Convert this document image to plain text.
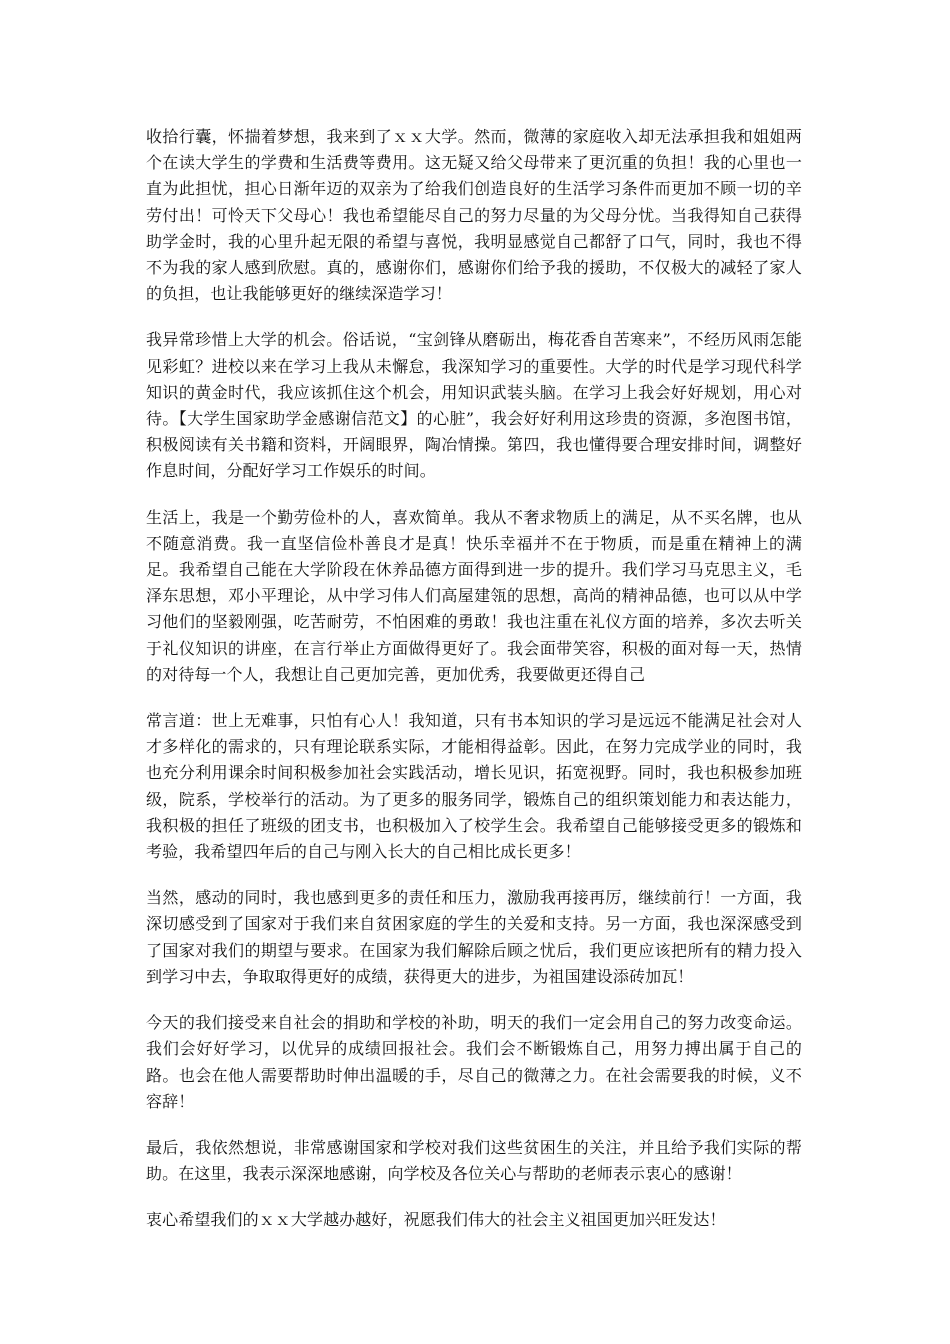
收拾行囊，怀揣着梦想，我来到了ｘｘ大学。然而，微薄的家庭收入却无法承担我和姐姐两个在读大学生的学费和生活费等费用。这无疑又给父母带来了更沉重的负担！我的心里也一直为此担忧，担心日渐年迈的双亲为了给我们创造良好的生活学习条件而更加不顾一切的辛劳付出！可怜天下父母心！我也希望能尽自己的努力尽量的为父母分忧。当我得知自己获得助学金时，我的心里升起无限的希望与喜悦，我明显感觉自己都舒了口气，同时，我也不得不为我的家人感到欣慰。真的，感谢你们，感谢你们给予我的援助，不仅极大的减轻了家人的负担，也让我能够更好的继续深造学习！

我异常珍惜上大学的机会。俗话说，“宝剑锋从磨砺出，梅花香自苦寒来”，不经历风雨怎能见彩虹？进校以来在学习上我从未懈怠，我深知学习的重要性。大学的时代是学习现代科学知识的黄金时代，我应该抓住这个机会，用知识武装头脑。在学习上我会好好规划，用心对待。【大学生国家助学金感谢信范文】的心脏”，我会好好利用这珍贵的资源，多泡图书馆，积极阅读有关书籍和资料，开阔眼界，陶冶情操。第四，我也懂得要合理安排时间，调整好作息时间，分配好学习工作娱乐的时间。

生活上，我是一个勤劳俭朴的人，喜欢简单。我从不奢求物质上的满足，从不买名牌，也从不随意消费。我一直坚信俭朴善良才是真！快乐幸福并不在于物质，而是重在精神上的满足。我希望自己能在大学阶段在休养品德方面得到进一步的提升。我们学习马克思主义，毛泽东思想，邓小平理论，从中学习伟人们高屋建瓴的思想，高尚的精神品德，也可以从中学习他们的坚毅刚强，吃苦耐劳，不怕困难的勇敢！我也注重在礼仪方面的培养，多次去听关于礼仪知识的讲座，在言行举止方面做得更好了。我会面带笑容，积极的面对每一天，热情的对待每一个人，我想让自己更加完善，更加优秀，我要做更还得自己

常言道：世上无难事，只怕有心人！我知道，只有书本知识的学习是远远不能满足社会对人才多样化的需求的，只有理论联系实际，才能相得益彰。因此，在努力完成学业的同时，我也充分利用课余时间积极参加社会实践活动，增长见识，拓宽视野。同时，我也积极参加班级，院系，学校举行的活动。为了更多的服务同学，锻炼自己的组织策划能力和表达能力，我积极的担任了班级的团支书，也积极加入了校学生会。我希望自己能够接受更多的锻炼和考验，我希望四年后的自己与刚入长大的自己相比成长更多！

当然，感动的同时，我也感到更多的责任和压力，激励我再接再厉，继续前行！一方面，我深切感受到了国家对于我们来自贫困家庭的学生的关爱和支持。另一方面，我也深深感受到了国家对我们的期望与要求。在国家为我们解除后顾之忧后，我们更应该把所有的精力投入到学习中去，争取取得更好的成绩，获得更大的进步，为祖国建设添砖加瓦！

今天的我们接受来自社会的捐助和学校的补助，明天的我们一定会用自己的努力改变命运。我们会好好学习，以优异的成绩回报社会。我们会不断锻炼自己，用努力搏出属于自己的路。也会在他人需要帮助时伸出温暖的手，尽自己的微薄之力。在社会需要我的时候，义不容辞！

最后，我依然想说，非常感谢国家和学校对我们这些贫困生的关注，并且给予我们实际的帮助。在这里，我表示深深地感谢，向学校及各位关心与帮助的老师表示衷心的感谢！

衷心希望我们的ｘｘ大学越办越好，祝愿我们伟大的社会主义祖国更加兴旺发达！
